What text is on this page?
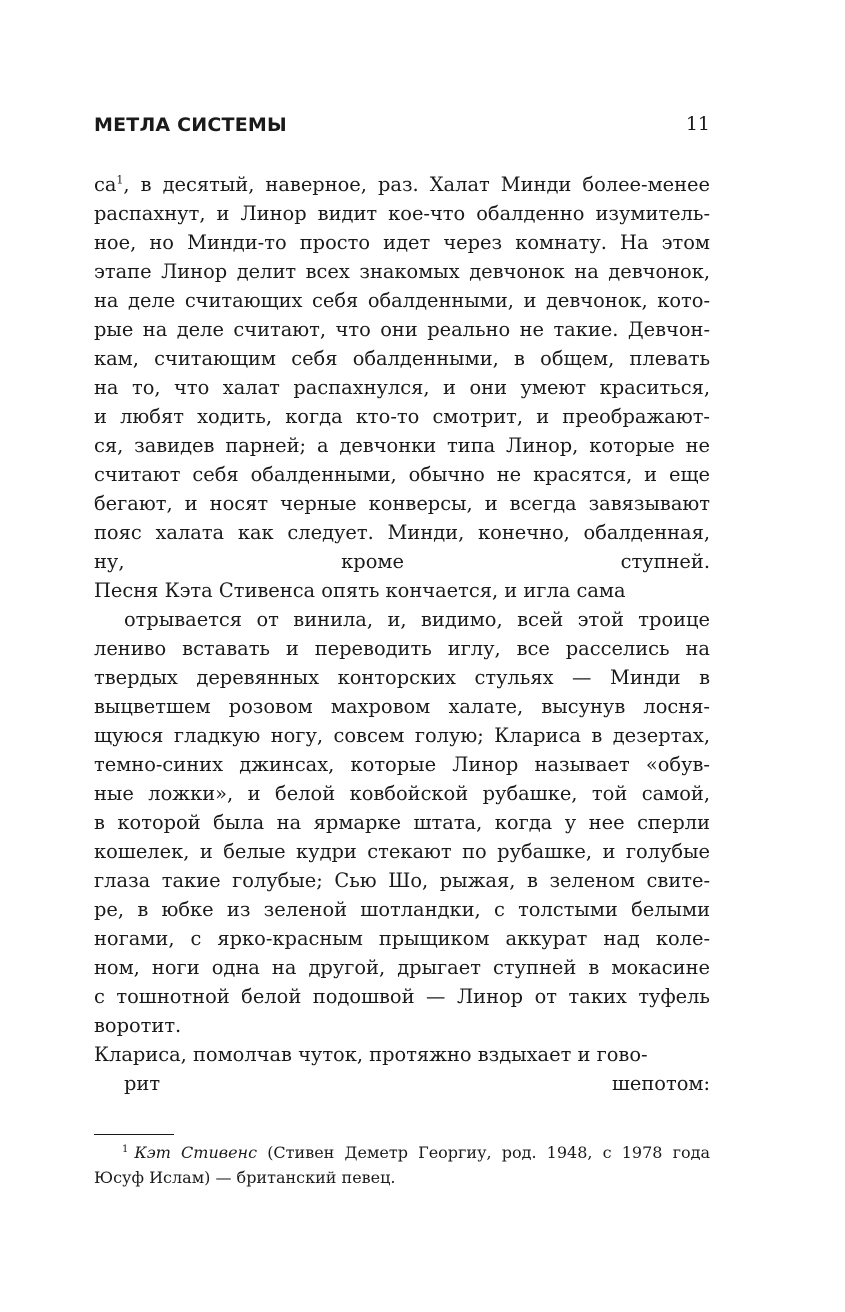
МЕТЛА СИСТЕМЫ	11
са$^1$, в десятый, наверное, раз. Халат Минди более-менее
распахнут, и Линор видит кое-что обалденно изумитель-
ное, но Минди-то просто идет через комнату. На этом
этапе Линор делит всех знакомых девчонок на девчонок,
на деле считающих себя обалденными, и девчонок, кото-
рые на деле считают, что они реально не такие. Девчон-
кам, считающим себя обалденными, в общем, плевать
на то, что халат распахнулся, и они умеют краситься,
и любят ходить, когда кто-то смотрит, и преображают-
ся, завидев парней; а девчонки типа Линор, которые не
считают себя обалденными, обычно не красятся, и еще
бегают, и носят черные конверсы, и всегда завязывают
пояс халата как следует. Минди, конечно, обалденная,
ну, кроме ступней.
Песня Кэта Стивенса опять кончается, и игла сама
отрывается от винила, и, видимо, всей этой троице
лениво вставать и переводить иглу, все расселись на
твердых деревянных конторских стульях — Минди в
выцветшем розовом махровом халате, высунув лосня-
щуюся гладкую ногу, совсем голую; Клариса в дезертах,
темно-синих джинсах, которые Линор называет «обув-
ные ложки», и белой ковбойской рубашке, той самой,
в которой была на ярмарке штата, когда у нее сперли
кошелек, и белые кудри стекают по рубашке, и голубые
глаза такие голубые; Сью Шо, рыжая, в зеленом свите-
ре, в юбке из зеленой шотландки, с толстыми белыми
ногами, с ярко-красным прыщиком аккурат над коле-
ном, ноги одна на другой, дрыгает ступней в мокасине
с тошнотной белой подошвой — Линор от таких туфель
воротит.
Клариса, помолчав чуток, протяжно вздыхает и гово-
рит шепотом:
$^1$ Кэт Стивенс (Стивен Деметр Георгиу, род. 1948, с 1978 года
Юсуф Ислам) — британский певец.
